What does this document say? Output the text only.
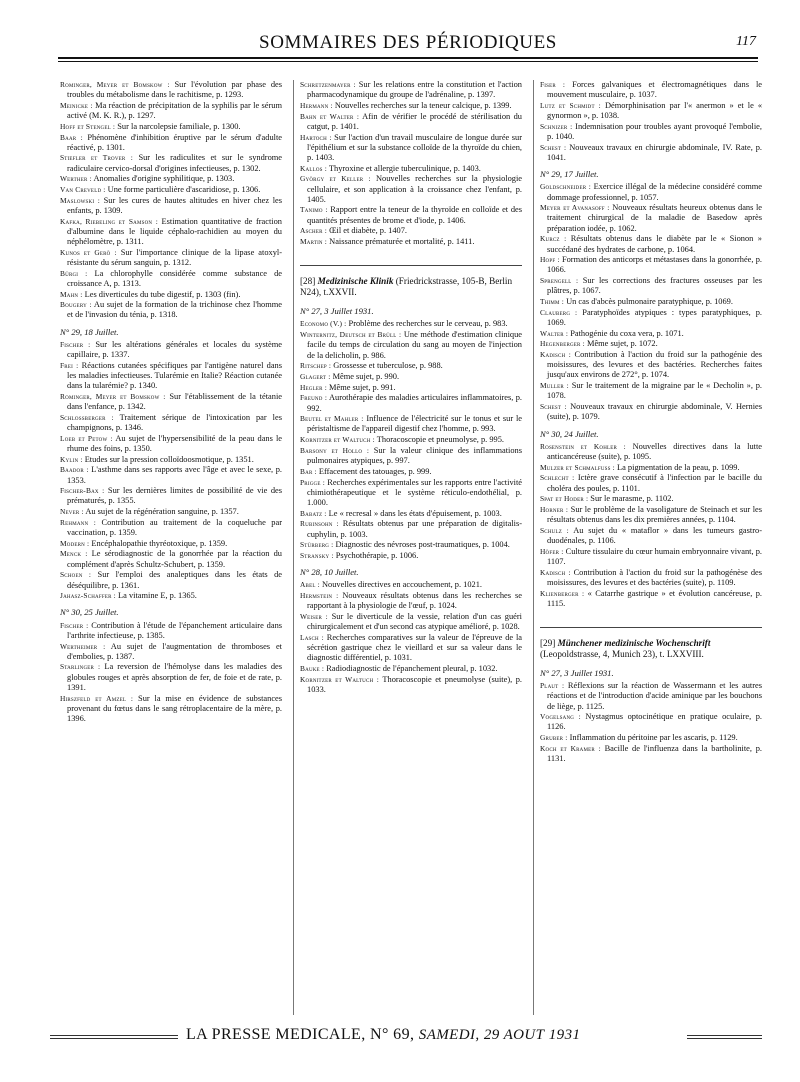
SOMMAIRES DES PÉRIODIQUES	117
Rominger, Meyer et Bomskow : Sur l'évolution par phase des troubles du métabolisme dans le rachitisme, p. 1293.
Meinicke : Ma réaction de précipitation de la syphilis par le sérum activé (M. K. R.), p. 1297.
Hoff et Stengel : Sur la narcolepsie familiale, p. 1300.
Baar : Phénomène d'inhibition éruptive par le sérum d'adulte réactivé, p. 1301.
Stiefler et Trover : Sur les radiculites et sur le syndrome radiculaire cervico-dorsal d'origines infectieuses, p. 1302.
Werther : Anomalies d'origine syphilitique, p. 1303.
Van Creveld : Une forme particulière d'ascaridiose, p. 1306.
Maslowski : Sur les cures de hautes altitudes en hiver chez les enfants, p. 1309.
Kafka, Riebeling et Samson : Estimation quantitative de fraction d'albumine dans le liquide céphalo-rachidien au moyen du néphélomètre, p. 1311.
Kunos et Gerö : Sur l'importance clinique de la lipase atoxyl-résistante du sérum sanguin, p. 1312.
Bürgi : La chlorophylle considérée comme substance de croissance A, p. 1313.
Mahn : Les diverticules du tube digestif, p. 1303 (fin).
Bougery : Au sujet de la formation de la trichinose chez l'homme et de l'invasion du ténia, p. 1318.
N° 29, 18 Juillet.
Fischer : Sur les altérations générales et locales du système capillaire, p. 1337.
Frei : Réactions cutanées spécifiques par l'antigène naturel dans les maladies infectieuses. Tularémie en Italie? Réaction cutanée dans la tularémie? p. 1340.
Rominger, Meyer et Bomskow : Sur l'établissement de la tétanie dans l'enfance, p. 1342.
Schlossberger : Traitement sérique de l'intoxication par les champignons, p. 1346.
Loeb et Petow : Au sujet de l'hypersensibilité de la peau dans le rhume des foins, p. 1350.
Kylin : Etudes sur la pression colloïdoosmotique, p. 1351.
Baador : L'asthme dans ses rapports avec l'âge et avec le sexe, p. 1353.
Fischer-Bax : Sur les dernières limites de possibilité de vie des prématurés, p. 1355.
Never : Au sujet de la régénération sanguine, p. 1357.
Rehmann : Contribution au traitement de la coqueluche par vaccination, p. 1359.
Modern : Encéphalopathie thyréotoxique, p. 1359.
Menck : Le sérodiagnostic de la gonorrhée par la réaction du complément d'après Schultz-Schubert, p. 1359.
Schoen : Sur l'emploi des analeptiques dans les états de déséquilibre, p. 1361.
Jahasz-Schaffer : La vitamine E, p. 1365.
N° 30, 25 Juillet.
Fischer : Contribution à l'étude de l'épanchement articulaire dans l'arthrite infectieuse, p. 1385.
Wertheimer : Au sujet de l'augmentation de thromboses et d'embolies, p. 1387.
Starlinger : La reversion de l'hémolyse dans les maladies des globules rouges et après absorption de fer, de foie et de rate, p. 1391.
Hirszfeld et Amzel : Sur la mise en évidence de substances provenant du fœtus dans le sang rétroplacentaire de la mère, p. 1396.
Schretzenmayer : Sur les relations entre la constitution et l'action pharmacodynamique du groupe de l'adrénaline, p. 1397.
Hermann : Nouvelles recherches sur la teneur calcique, p. 1399.
Bahn et Walter : Afin de vérifier le procédé de stérilisation du catgut, p. 1401.
Hartoch : Sur l'action d'un travail musculaire de longue durée sur l'épithélium et sur la substance colloïde de la thyroïde du chien, p. 1403.
Kallos : Thyroxine et allergie tuberculinique, p. 1403.
György et Keller : Nouvelles recherches sur la physiologie cellulaire, et son application à la croissance chez l'enfant, p. 1405.
Tanimo : Rapport entre la teneur de la thyroïde en colloïde et des quantités présentes de brome et d'iode, p. 1406.
Ascher : Œil et diabète, p. 1407.
Martin : Naissance prématurée et mortalité, p. 1411.
[28] Medizinische Klinik (Friedrickstrasse, 105-B, Berlin N24), t.XXVII.
N° 27, 3 Juillet 1931.
Economo (V.) : Problème des recherches sur le cerveau, p. 983.
Winternitz, Deutsch et Brüll : Une méthode d'estimation clinique facile du temps de circulation du sang au moyen de l'injection de la delicholin, p. 986.
Ritschep : Grossesse et tuberculose, p. 988.
Glagert : Même sujet, p. 990.
Hegler : Même sujet, p. 991.
Freund : Aurothérapie des maladies articulaires inflammatoires, p. 992.
Beutel et Mahler : Influence de l'électricité sur le tonus et sur le péristaltisme de l'appareil digestif chez l'homme, p. 993.
Kornitzer et Waltuch : Thoracoscopie et pneumolyse, p. 995.
Barsony et Hollo : Sur la valeur clinique des inflammations pulmonaires atypiques, p. 997.
Bar : Effacement des tatouages, p. 999.
Prigge : Recherches expérimentales sur les rapports entre l'activité chimiothérapeutique et le système réticulo-endothélial, p. 1.000.
Babatz : Le « recresal » dans les états d'épuisement, p. 1003.
Rubinsohn : Résultats obtenus par une préparation de digitalis-cuphylin, p. 1003.
Stürberg : Diagnostic des névroses post-traumatiques, p. 1004.
Stransky : Psychothérapie, p. 1006.
N° 28, 10 Juillet.
Abel : Nouvelles directives en accouchement, p. 1021.
Hermstein : Nouveaux résultats obtenus dans les recherches se rapportant à la physiologie de l'œuf, p. 1024.
Weiser : Sur le diverticule de la vessie, relation d'un cas guéri chirurgicalement et d'un second cas atypique amélioré, p. 1028.
Lasch : Recherches comparatives sur la valeur de l'épreuve de la sécrétion gastrique chez le vieillard et sur sa valeur dans le diagnostic différentiel, p. 1031.
Bauke : Radiodiagnostic de l'épanchement pleural, p. 1032.
Kornitzer et Waltuch : Thoracoscopie et pneumolyse (suite), p. 1033.
Fiser : Forces galvaniques et électromagnétiques dans le mouvement musculaire, p. 1037.
Lutz et Schmidt : Démorphinisation par l'« anermon » et le « gynormon », p. 1038.
Schnizer : Indemnisation pour troubles ayant provoqué l'embolie, p. 1040.
Schest : Nouveaux travaux en chirurgie abdominale, IV. Rate, p. 1041.
N° 29, 17 Juillet.
Goldschneider : Exercice illégal de la médecine considéré comme dommage professionnel, p. 1057.
Meyer et Avanasoff : Nouveaux résultats heureux obtenus dans le traitement chirurgical de la maladie de Basedow après préparation iodée, p. 1062.
Kurcz : Résultats obtenus dans le diabète par le « Sionon » succédané des hydrates de carbone, p. 1064.
Hopf : Formation des anticorps et métastases dans la gonorrhée, p. 1066.
Sprengell : Sur les corrections des fractures osseuses par les plâtres, p. 1067.
Thimm : Un cas d'abcès pulmonaire paratyphique, p. 1069.
Clauberg : Paratyphoïdes atypiques : types paratyphiques, p. 1069.
Walter : Pathogénie du coxa vera, p. 1071.
Hegenberger : Même sujet, p. 1072.
Kadisch : Contribution à l'action du froid sur la pathogénie des moisissures, des levures et des bactéries. Recherches faites jusqu'aux environs de 272°, p. 1074.
Muller : Sur le traitement de la migraine par le « Decholin », p. 1078.
Schest : Nouveaux travaux en chirurgie abdominale, V. Hernies (suite), p. 1079.
N° 30, 24 Juillet.
Rosenstein et Kohler : Nouvelles directives dans la lutte anticancéreuse (suite), p. 1095.
Mulzer et Schmalfuss : La pigmentation de la peau, p. 1099.
Schlecht : Ictère grave consécutif à l'infection par le bacille du choléra des poules, p. 1101.
Spat et Hoder : Sur le marasme, p. 1102.
Horner : Sur le problème de la vasoligature de Steinach et sur les résultats obtenus dans les dix premières années, p. 1104.
Schulz : Au sujet du « mataflor » dans les tumeurs gastro-duodénales, p. 1106.
Höfer : Culture tissulaire du cœur humain embryonnaire vivant, p. 1107.
Kadisch : Contribution à l'action du froid sur la pathogénèse des moisissures, des levures et des bactéries (suite), p. 1109.
Klienberger : « Catarrhe gastrique » et évolution cancéreuse, p. 1115.
[29] Münchener medizinische Wochenschrift (Leopoldstrasse, 4, Munich 23), t. LXXVIII.
N° 27, 3 Juillet 1931.
Plaut : Réflexions sur la réaction de Wassermann et les autres réactions et de l'introduction d'acide aminique par les bouchons de liège, p. 1125.
Vogelsang : Nystagmus optocinétique en pratique oculaire, p. 1126.
Gruber : Inflammation du péritoine par les ascaris, p. 1129.
Koch et Kramer : Bacille de l'influenza dans la bartholinite, p. 1131.
LA PRESSE MEDICALE, N° 69, SAMEDI, 29 AOUT 1931
